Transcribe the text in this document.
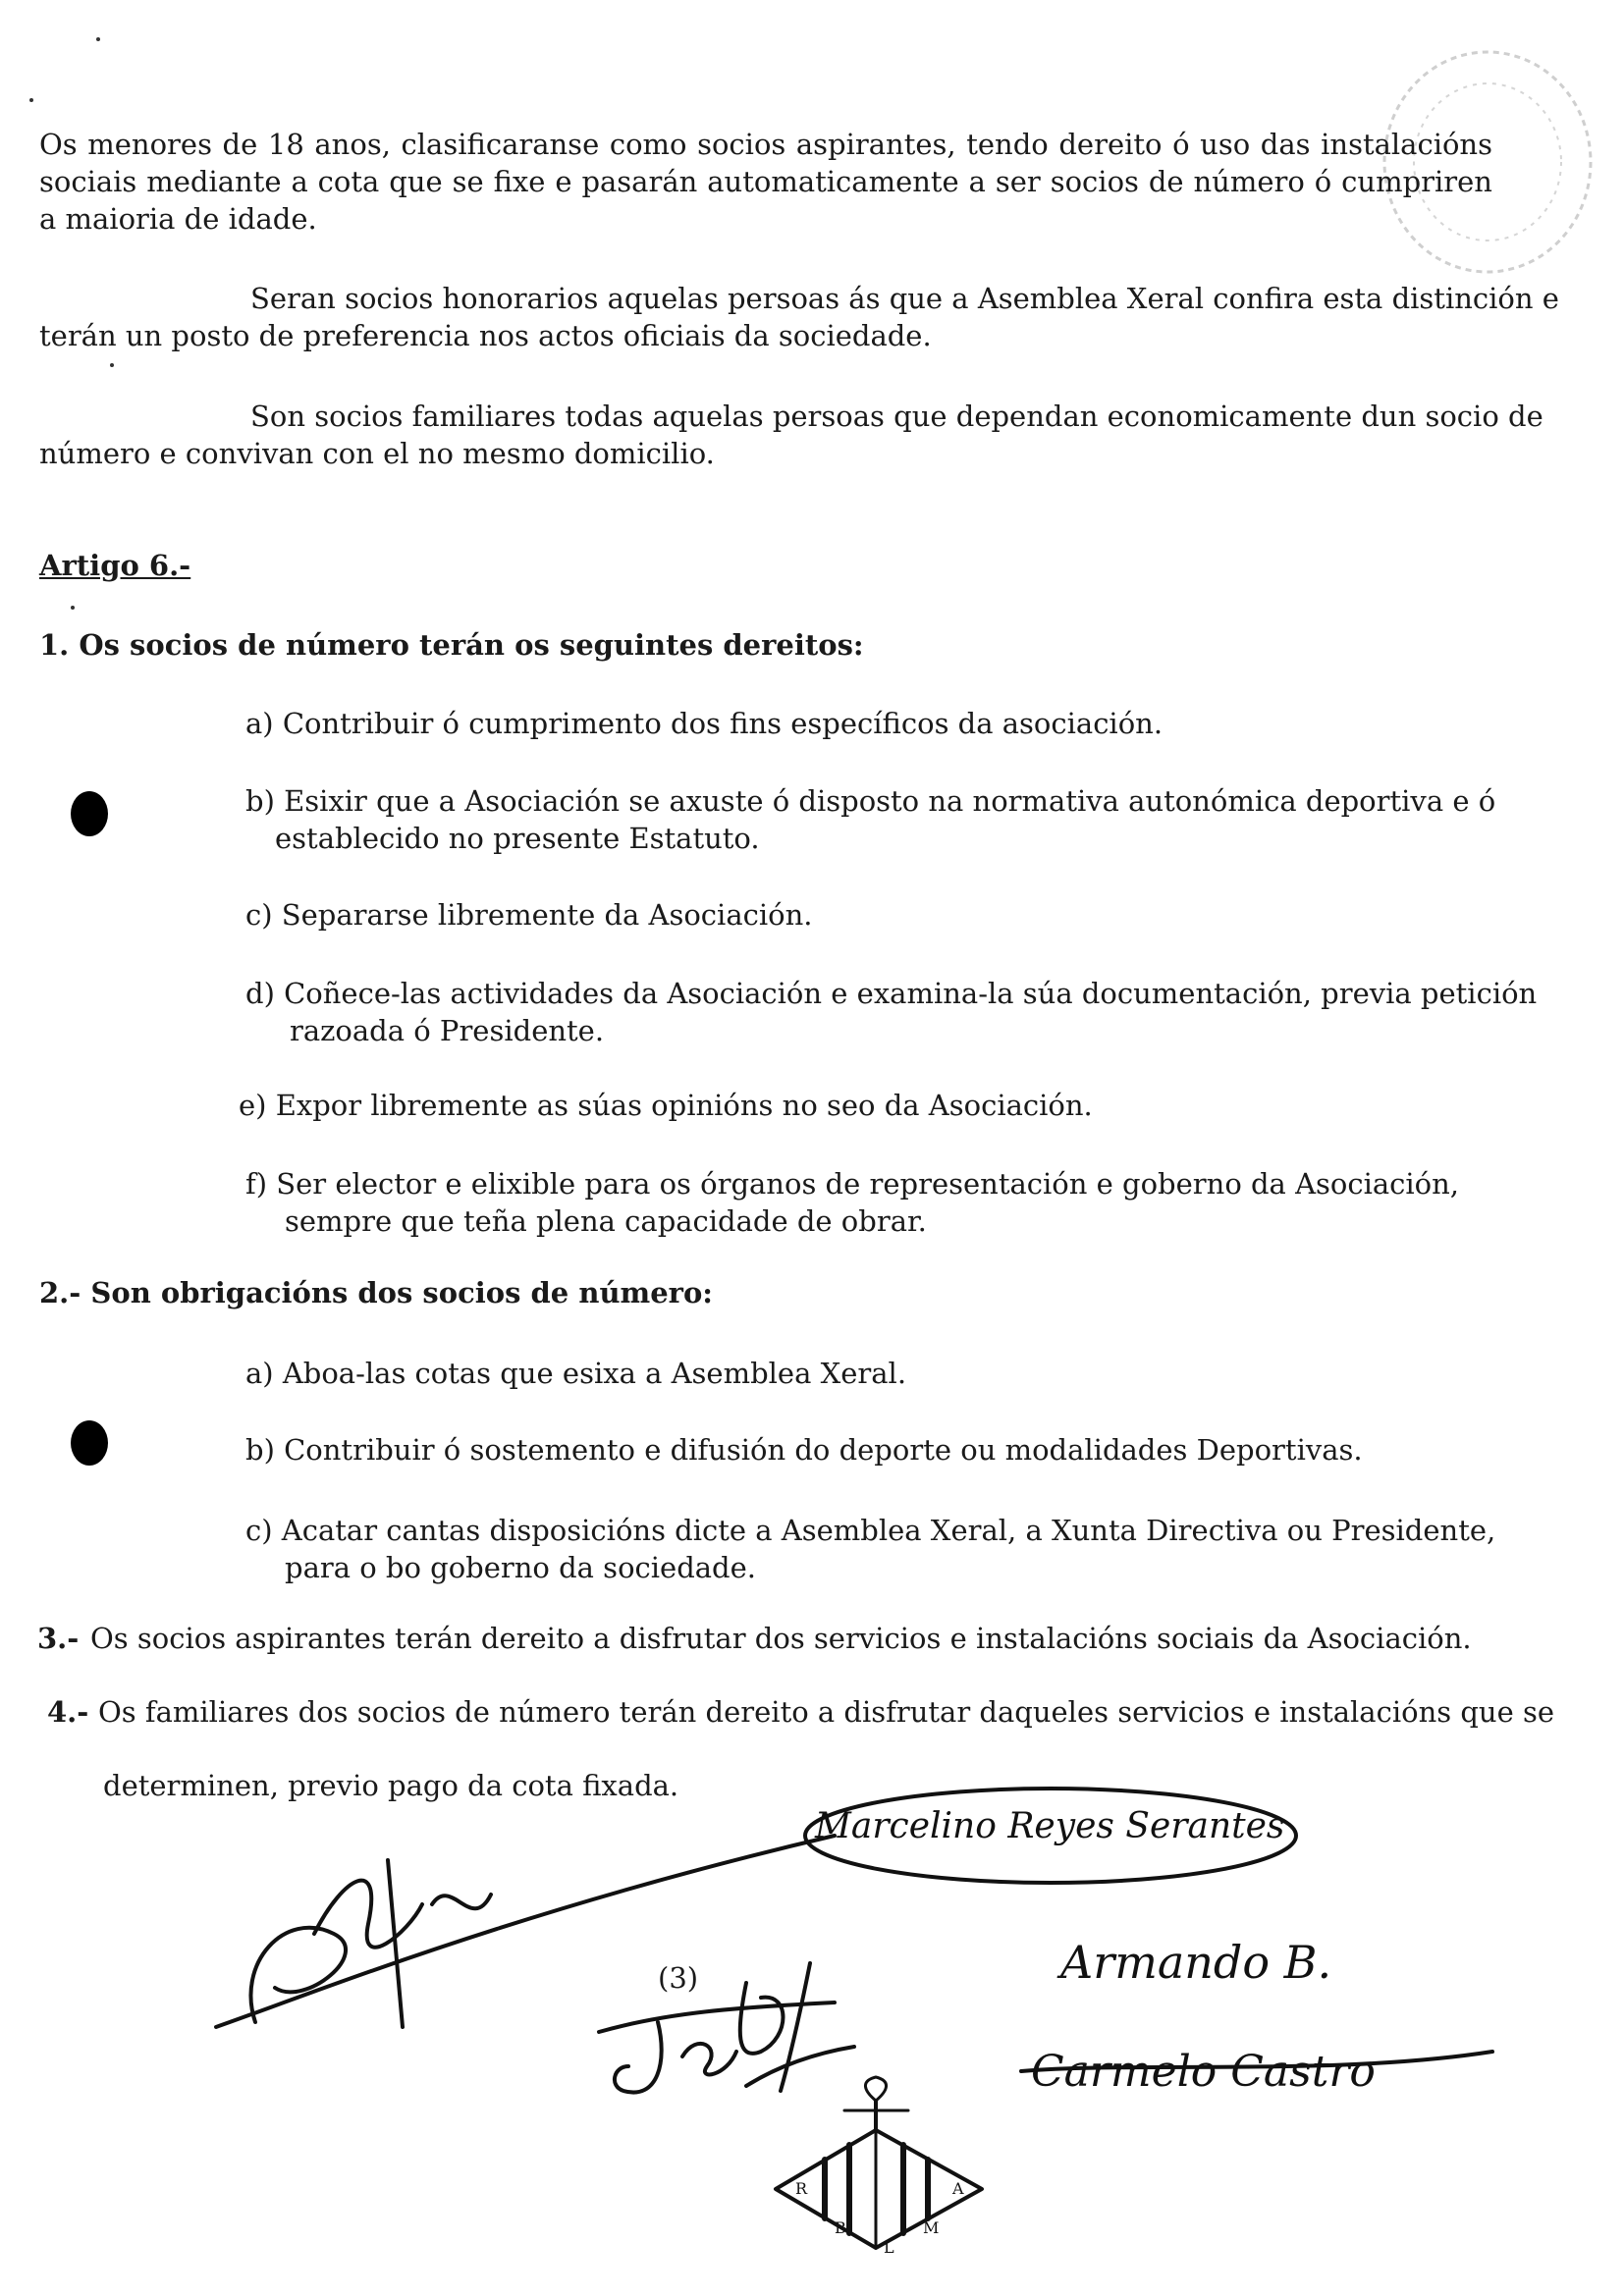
Os menores de 18 anos, clasificaranse como socios aspirantes, tendo dereito ó uso das instalacións sociais mediante a cota que se fixe e pasarán automaticamente a ser socios de número ó cumpriren a maioria de idade.

Seran socios honorarios aquelas persoas ás que a Asemblea Xeral confira esta distinción e

terán un posto de preferencia nos actos oficiais da sociedade.

Son socios familiares todas aquelas persoas que dependan economicamente dun socio de

número e convivan con el no mesmo domicilio.

Artigo 6.-

1. Os socios de número terán os seguintes dereitos:

a) Contribuir ó cumprimento dos fins específicos da asociación.

b) Esixir que a Asociación se axuste ó disposto na normativa autonómica deportiva e ó

establecido no presente Estatuto.

c) Separarse libremente da Asociación.

d) Coñece-las actividades da Asociación e examina-la súa documentación, previa petición

razoada ó Presidente.

e) Expor libremente as súas opinións no seo da Asociación.

f) Ser elector e elixible para os órganos de representación e goberno da Asociación,

sempre que teña plena capacidade de obrar.

2.- Son obrigacións dos socios de número:

a) Aboa-las cotas que esixa a Asemblea Xeral.

b) Contribuir ó sostemento e difusión do deporte ou modalidades Deportivas.

c) Acatar cantas disposicións dicte a Asemblea Xeral, a Xunta Directiva ou Presidente,

para o bo goberno da sociedade.

3.- Os socios aspirantes terán dereito a disfrutar dos servicios e instalacións sociais da Asociación.

4.- Os familiares dos socios de número terán dereito a disfrutar daqueles servicios e instalacións que se

determinen, previo pago da cota fixada.

(3)

Marcelino Reyes Serantes
Armando B.
Carmelo Castro
R
B
L
M
A
